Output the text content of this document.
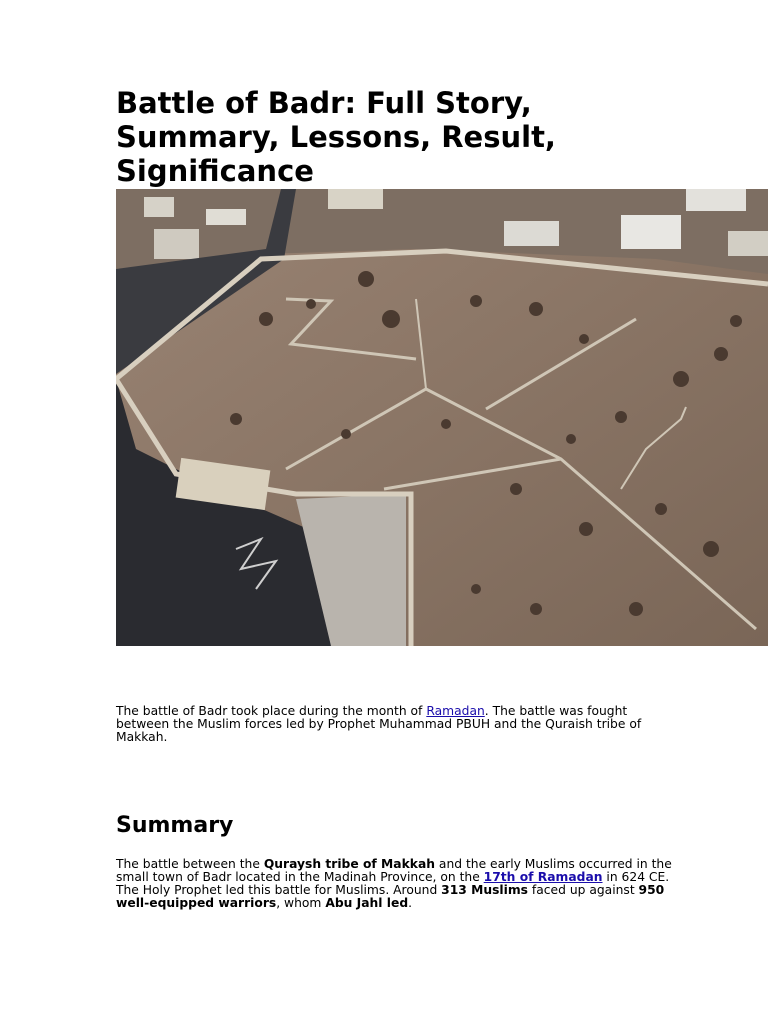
Battle of Badr: Full Story,
Summary, Lessons, Result,
Significance

The battle of Badr took place during the month of Ramadan. The battle was fought
between the Muslim forces led by Prophet Muhammad PBUH and the Quraish tribe of
Makkah.

Summary

The battle between the Quraysh tribe of Makkah and the early Muslims occurred in the
small town of Badr located in the Madinah Province, on the 17th of Ramadan in 624 CE.
The Holy Prophet led this battle for Muslims. Around 313 Muslims faced up against 950
well-equipped warriors, whom Abu Jahl led.
